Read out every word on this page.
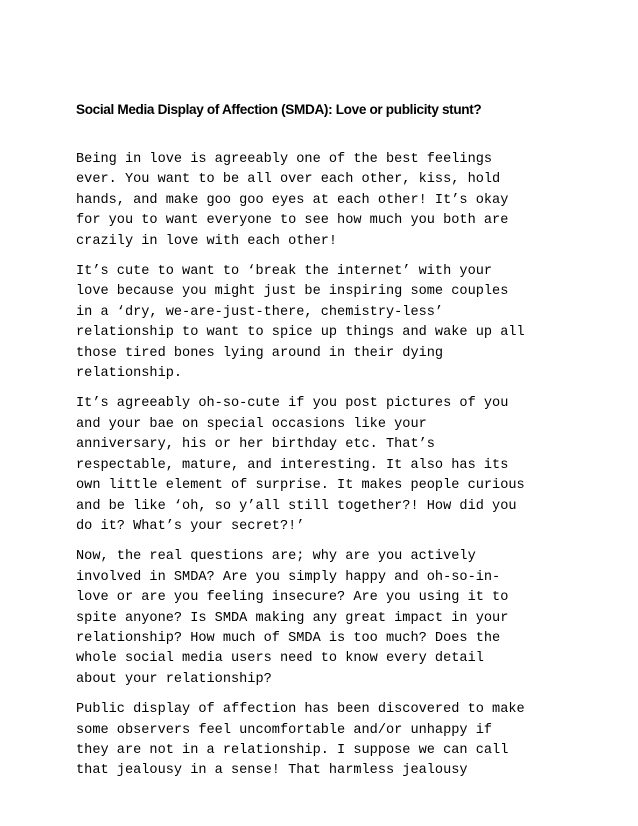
Social Media Display of Affection (SMDA): Love or publicity stunt?

Being in love is agreeably one of the best feelings
ever. You want to be all over each other, kiss, hold
hands, and make goo goo eyes at each other! It’s okay
for you to want everyone to see how much you both are
crazily in love with each other!

It’s cute to want to ‘break the internet’ with your
love because you might just be inspiring some couples
in a ‘dry, we-are-just-there, chemistry-less’
relationship to want to spice up things and wake up all
those tired bones lying around in their dying
relationship.

It’s agreeably oh-so-cute if you post pictures of you
and your bae on special occasions like your
anniversary, his or her birthday etc. That’s
respectable, mature, and interesting. It also has its
own little element of surprise. It makes people curious
and be like ‘oh, so y’all still together?! How did you
do it? What’s your secret?!’

Now, the real questions are; why are you actively
involved in SMDA? Are you simply happy and oh-so-in-
love or are you feeling insecure? Are you using it to
spite anyone? Is SMDA making any great impact in your
relationship? How much of SMDA is too much? Does the
whole social media users need to know every detail
about your relationship?

Public display of affection has been discovered to make
some observers feel uncomfortable and/or unhappy if
they are not in a relationship. I suppose we can call
that jealousy in a sense! That harmless jealousy
